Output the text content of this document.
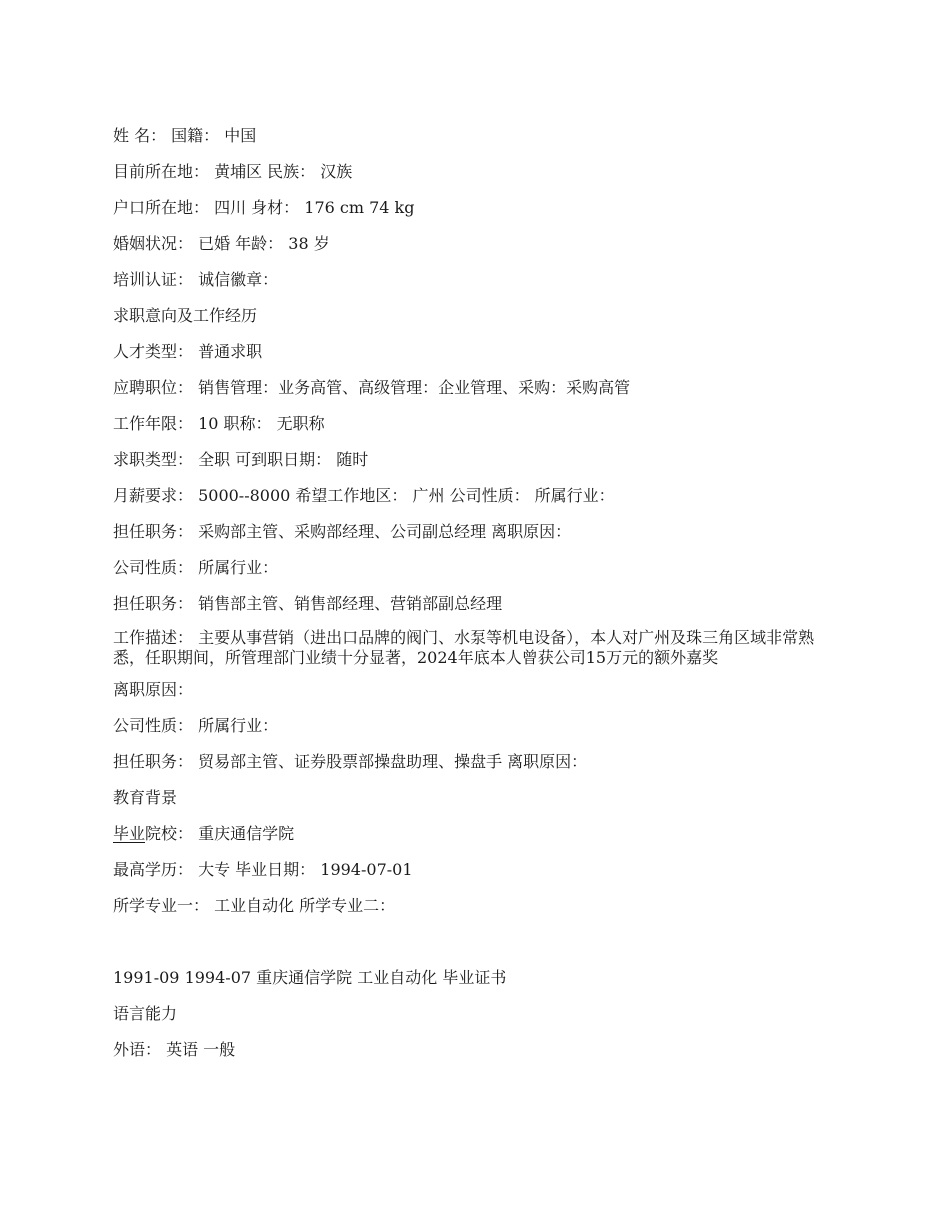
姓 名： 国籍： 中国
目前所在地： 黄埔区 民族： 汉族
户口所在地： 四川 身材： 176 cm 74 kg
婚姻状况： 已婚 年龄： 38 岁
培训认证： 诚信徽章：
求职意向及工作经历
人才类型： 普通求职
应聘职位： 销售管理：业务高管、高级管理：企业管理、采购：采购高管
工作年限： 10 职称： 无职称
求职类型： 全职 可到职日期： 随时
月薪要求： 5000--8000 希望工作地区： 广州 公司性质： 所属行业：
担任职务： 采购部主管、采购部经理、公司副总经理 离职原因：
公司性质： 所属行业：
担任职务： 销售部主管、销售部经理、营销部副总经理
工作描述： 主要从事营销（进出口品牌的阀门、水泵等机电设备），本人对广州及珠三角区域非常熟悉，任职期间，所管理部门业绩十分显著，2024年底本人曾获公司15万元的额外嘉奖
离职原因：
公司性质： 所属行业：
担任职务： 贸易部主管、证券股票部操盘助理、操盘手 离职原因：
教育背景
毕业院校： 重庆通信学院
最高学历： 大专 毕业日期： 1994-07-01
所学专业一： 工业自动化 所学专业二：
1991-09 1994-07 重庆通信学院 工业自动化 毕业证书
语言能力
外语： 英语 一般
